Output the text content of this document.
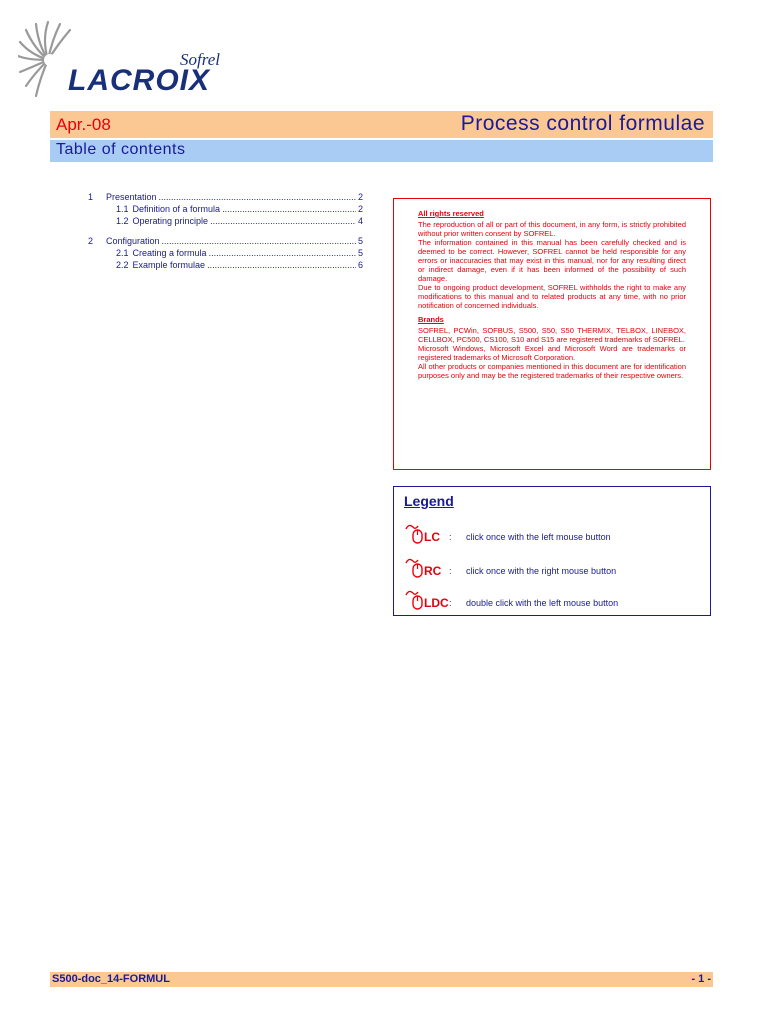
Sofrel
LACROIX
Apr.-08	Process control formulae
Table of contents
1	Presentation .....	2
1.1 Definition of a formula .....	2
1.2 Operating principle .....	4
2	Configuration .....	5
2.1 Creating a formula .....	5
2.2 Example formulae .....	6
All rights reserved

The reproduction of all or part of this document, in any form, is strictly prohibited without prior written consent by SOFREL.

The information contained in this manual has been carefully checked and is deemed to be correct. However, SOFREL cannot be held responsible for any errors or inaccuracies that may exist in this manual, nor for any resulting direct or indirect damage, even if it has been informed of the possibility of such damage.

Due to ongoing product development, SOFREL withholds the right to make any modifications to this manual and to related products at any time, with no prior notification of concerned individuals.

Brands

SOFREL, PCWin, SOFBUS, S500, S50, S50 THERMIX, TELBOX, LINEBOX, CELLBOX, PC500, CS100, S10 and S15 are registered trademarks of SOFREL.

Microsoft Windows, Microsoft Excel and Microsoft Word are trademarks or registered trademarks of Microsoft Corporation.

All other products or companies mentioned in this document are for identification purposes only and may be the registered trademarks of their respective owners.

Legend
LC : click once with the left mouse button
RC : click once with the right mouse button
LDC : double click with the left mouse button
S500-doc_14-FORMUL	- 1 -
